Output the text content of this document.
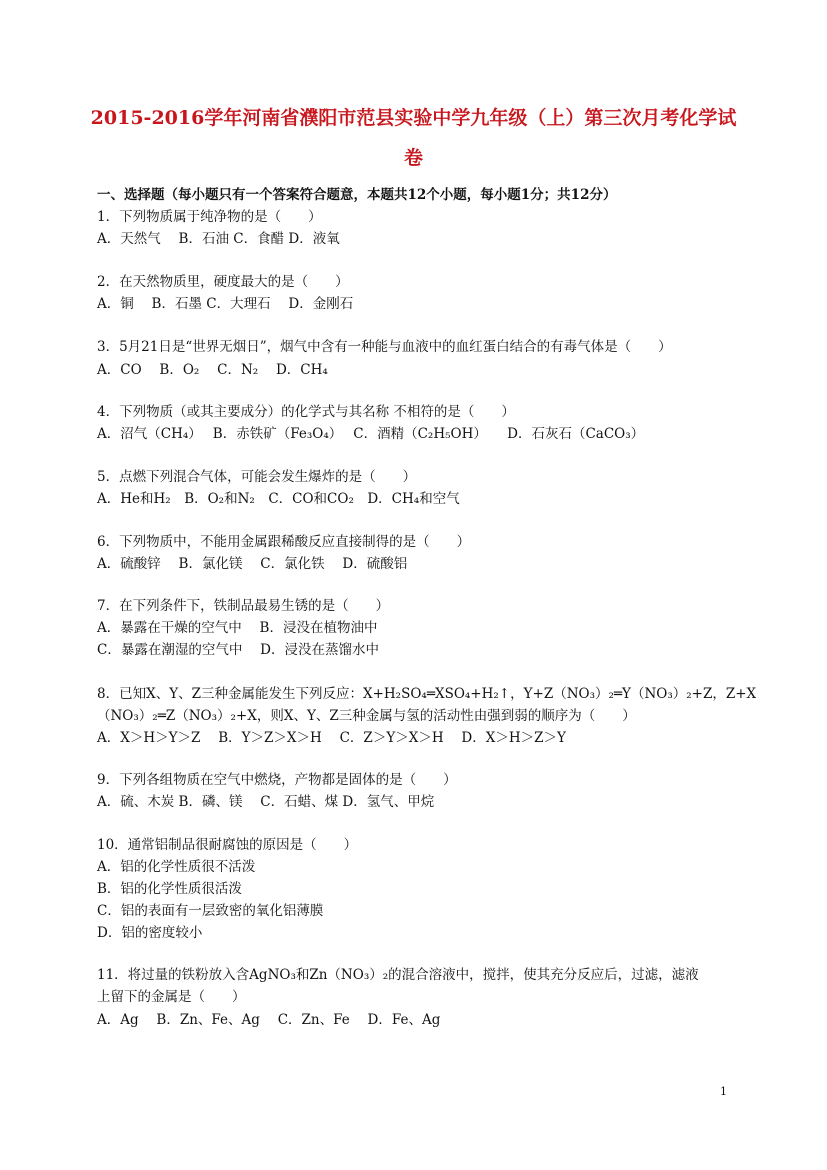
2015-2016学年河南省濮阳市范县实验中学九年级（上）第三次月考化学试
卷
一、选择题（每小题只有一个答案符合题意，本题共12个小题，每小题1分；共12分）
1．下列物质属于纯净物的是（　　）
A．天然气　 B．石油 C．食醋 D．液氧
2．在天然物质里，硬度最大的是（　　）
A．铜　 B．石墨 C．大理石　 D．金刚石
3．5月21日是“世界无烟日”，烟气中含有一种能与血液中的血红蛋白结合的有毒气体是（　　）
A．CO　 B．O₂　 C．N₂　 D．CH₄
4．下列物质（或其主要成分）的化学式与其名称 不相符的是（　　）
A．沼气（CH₄）　 B．赤铁矿（Fe₃O₄）　 C．酒精（C₂H₅OH）　　D．石灰石（CaCO₃）
5．点燃下列混合气体，可能会发生爆炸的是（　　）
A．He和H₂　B．O₂和N₂　C．CO和CO₂　D．CH₄和空气
6．下列物质中，不能用金属跟稀酸反应直接制得的是（　　）
A．硫酸锌　 B．氯化镁　 C．氯化铁　 D．硫酸铝
7．在下列条件下，铁制品最易生锈的是（　　）
A．暴露在干燥的空气中　 B．浸没在植物油中
C．暴露在潮湿的空气中　 D．浸没在蒸馏水中
8．已知X、Y、Z三种金属能发生下列反应：X+H₂SO₄═XSO₄+H₂↑，Y+Z（NO₃）₂═Y（NO₃）₂+Z，Z+X
（NO₃）₂═Z（NO₃）₂+X，则X、Y、Z三种金属与氢的活动性由强到弱的顺序为（　　）
A．X＞H＞Y＞Z　 B．Y＞Z＞X＞H　 C．Z＞Y＞X＞H　 D．X＞H＞Z＞Y
9．下列各组物质在空气中燃烧，产物都是固体的是（　　）
A．硫、木炭 B．磷、镁　 C．石蜡、煤 D．氢气、甲烷
10．通常铝制品很耐腐蚀的原因是（　　）
A．铝的化学性质很不活泼
B．铝的化学性质很活泼
C．铝的表面有一层致密的氧化铝薄膜
D．铝的密度较小
11．将过量的铁粉放入含AgNO₃和Zn（NO₃）₂的混合溶液中，搅拌，使其充分反应后，过滤，滤液
上留下的金属是（　　）
A．Ag　 B．Zn、Fe、Ag　 C．Zn、Fe　 D．Fe、Ag
1
